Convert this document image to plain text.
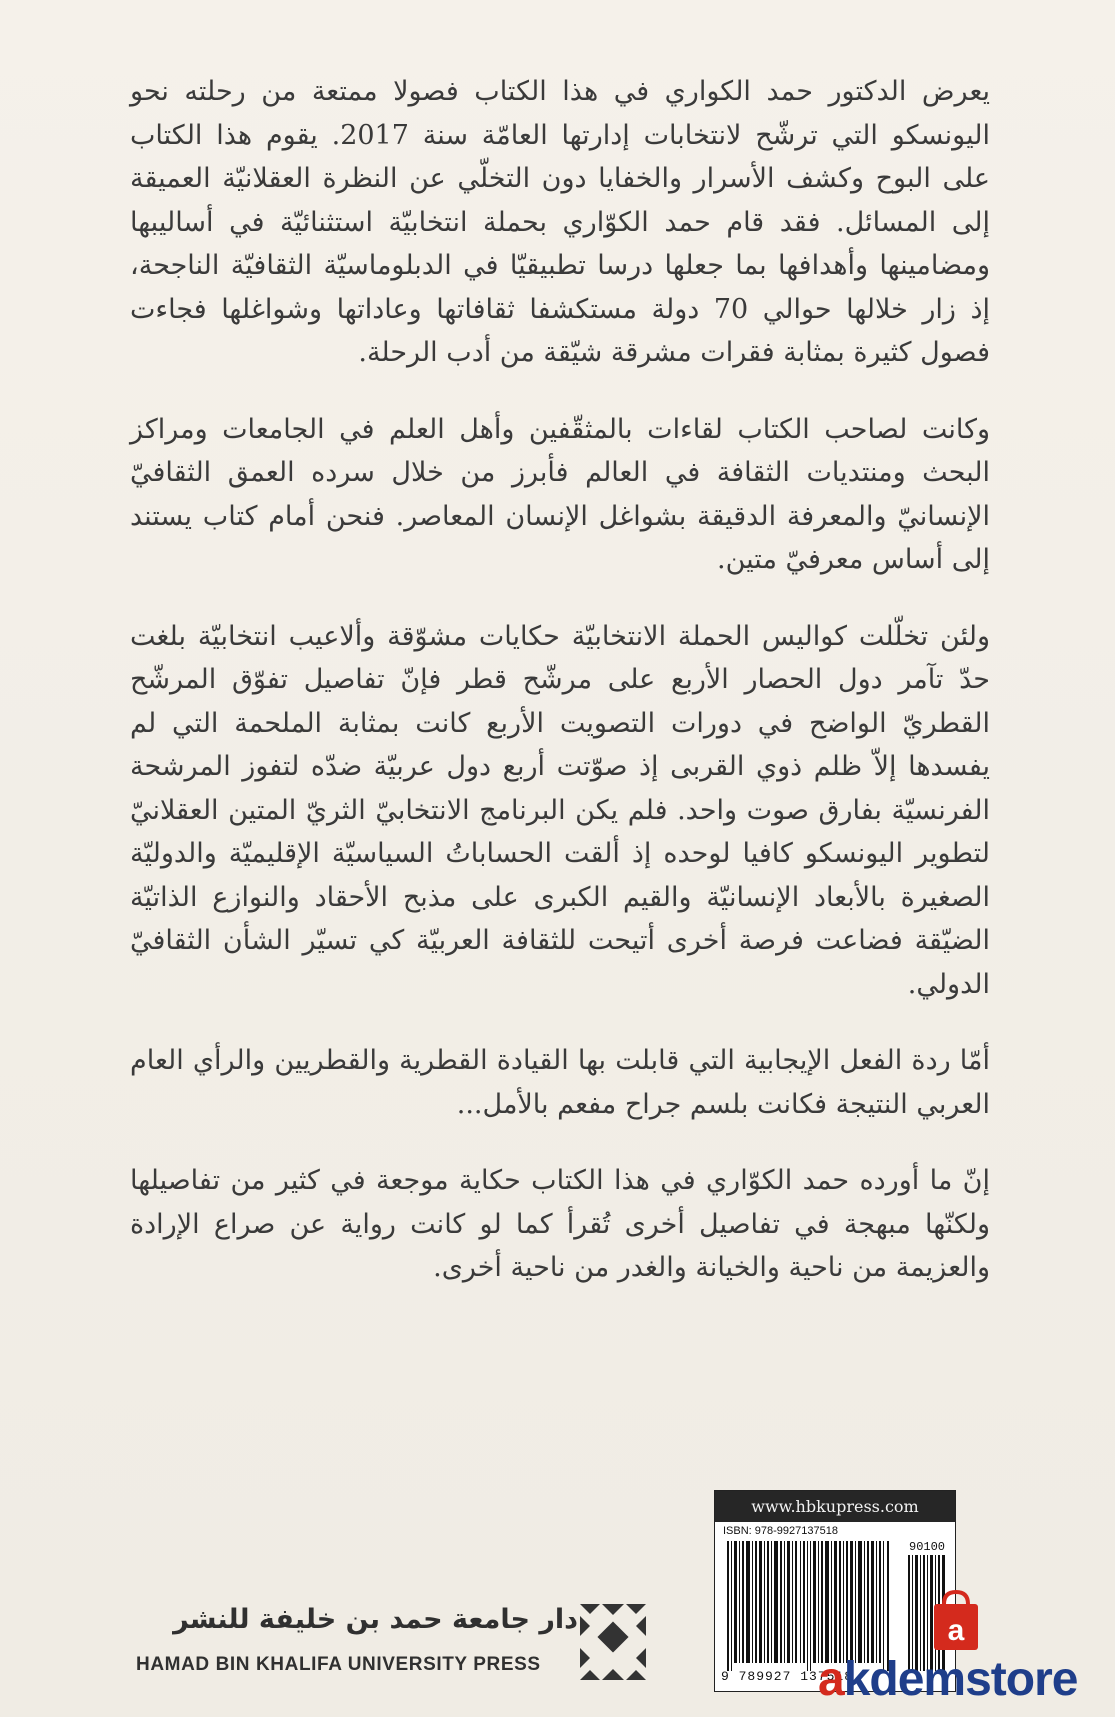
يعرض الدكتور حمد الكواري في هذا الكتاب فصولا ممتعة من رحلته نحو اليونسكو التي ترشّح لانتخابات إدارتها العامّة سنة 2017. يقوم هذا الكتاب على البوح وكشف الأسرار والخفايا دون التخلّي عن النظرة العقلانيّة العميقة إلى المسائل. فقد قام حمد الكوّاري بحملة انتخابيّة استثنائيّة في أساليبها ومضامينها وأهدافها بما جعلها درسا تطبيقيّا في الدبلوماسيّة الثقافيّة الناجحة، إذ زار خلالها حوالي 70 دولة مستكشفا ثقافاتها وعاداتها وشواغلها فجاءت فصول كثيرة بمثابة فقرات مشرقة شيّقة من أدب الرحلة.

وكانت لصاحب الكتاب لقاءات بالمثقّفين وأهل العلم في الجامعات ومراكز البحث ومنتديات الثقافة في العالم فأبرز من خلال سرده العمق الثقافيّ الإنسانيّ والمعرفة الدقيقة بشواغل الإنسان المعاصر. فنحن أمام كتاب يستند إلى أساس معرفيّ متين.

ولئن تخلّلت كواليس الحملة الانتخابيّة حكايات مشوّقة وألاعيب انتخابيّة بلغت حدّ تآمر دول الحصار الأربع على مرشّح قطر فإنّ تفاصيل تفوّق المرشّح القطريّ الواضح في دورات التصويت الأربع كانت بمثابة الملحمة التي لم يفسدها إلاّ ظلم ذوي القربى إذ صوّتت أربع دول عربيّة ضدّه لتفوز المرشحة الفرنسيّة بفارق صوت واحد. فلم يكن البرنامج الانتخابيّ الثريّ المتين العقلانيّ لتطوير اليونسكو كافيا لوحده إذ ألقت الحساباتُ السياسيّة الإقليميّة والدوليّة الصغيرة بالأبعاد الإنسانيّة والقيم الكبرى على مذبح الأحقاد والنوازع الذاتيّة الضيّقة فضاعت فرصة أخرى أتيحت للثقافة العربيّة كي تسيّر الشأن الثقافيّ الدولي.

أمّا ردة الفعل الإيجابية التي قابلت بها القيادة القطرية والقطريين والرأي العام العربي النتيجة فكانت بلسم جراح مفعم بالأمل...

إنّ ما أورده حمد الكوّاري في هذا الكتاب حكاية موجعة في كثير من تفاصيلها ولكنّها مبهجة في تفاصيل أخرى تُقرأ كما لو كانت رواية عن صراع الإرادة والعزيمة من ناحية والخيانة والغدر من ناحية أخرى.

www.hbkupress.com
ISBN: 978-9927137518
90100
9 789927 137518
دار جامعة حمد بن خليفة للنشر
HAMAD BIN KHALIFA UNIVERSITY PRESS
a
akdemstore
